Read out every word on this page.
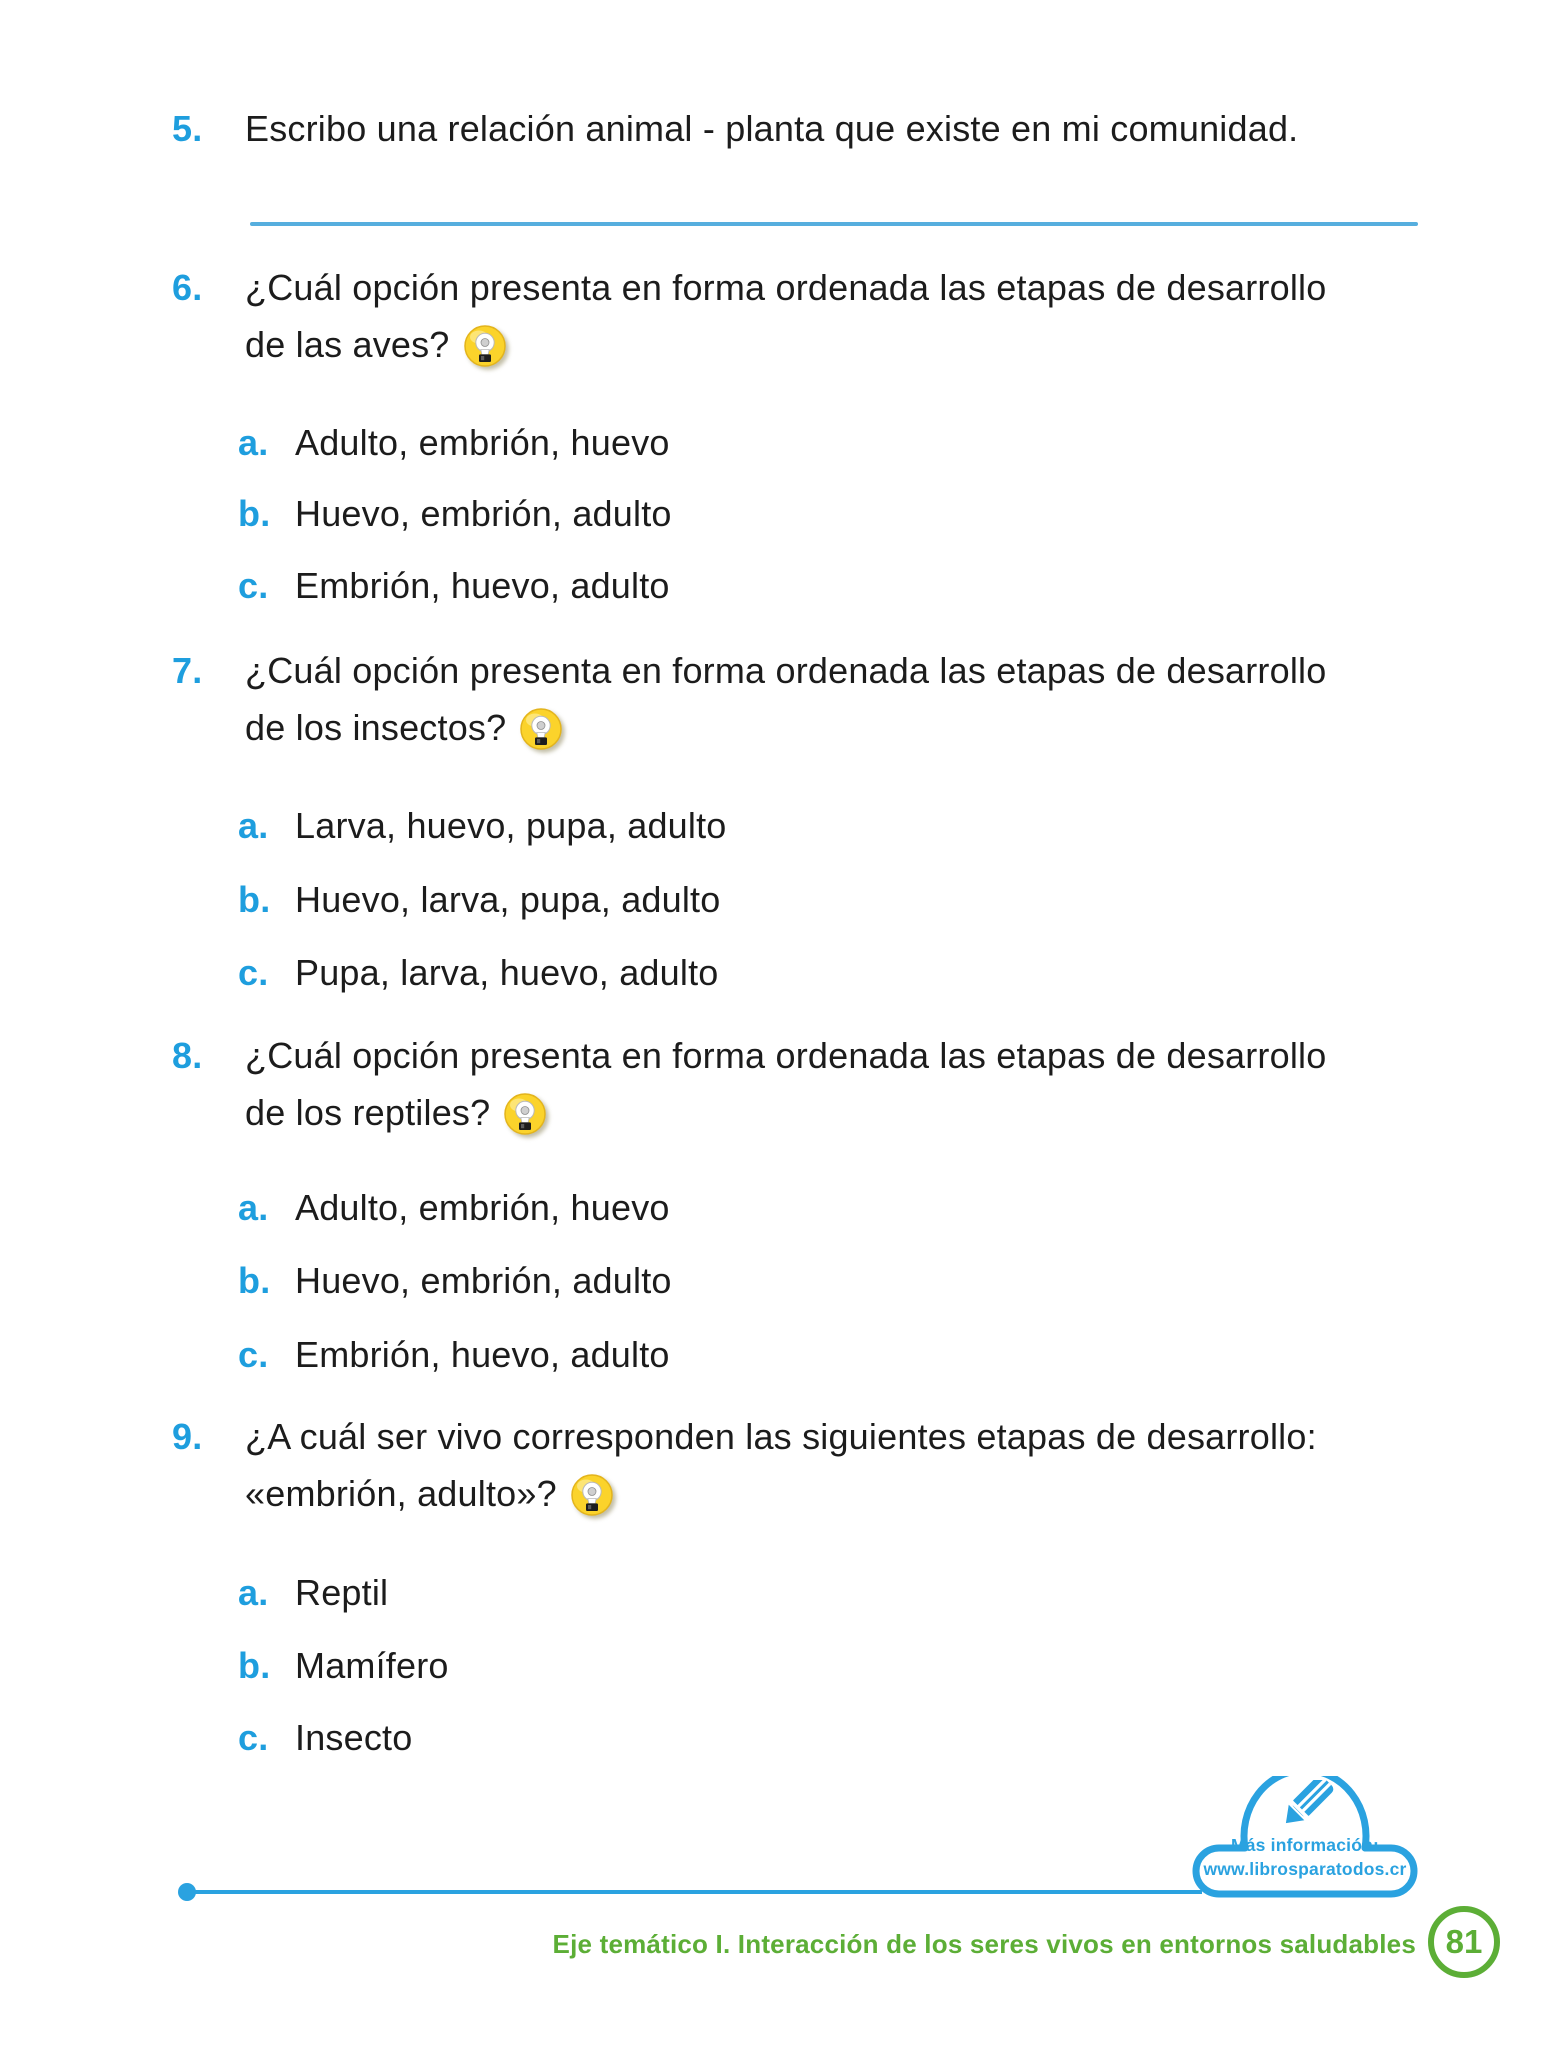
5. Escribo una relación animal - planta que existe en mi comunidad.
6. ¿Cuál opción presenta en forma ordenada las etapas de desarrollo
de las aves?
a. Adulto, embrión, huevo
b. Huevo, embrión, adulto
c. Embrión, huevo, adulto
7. ¿Cuál opción presenta en forma ordenada las etapas de desarrollo
de los insectos?
a. Larva, huevo, pupa, adulto
b. Huevo, larva, pupa, adulto
c. Pupa, larva, huevo, adulto
8. ¿Cuál opción presenta en forma ordenada las etapas de desarrollo
de los reptiles?
a. Adulto, embrión, huevo
b. Huevo, embrión, adulto
c. Embrión, huevo, adulto
9. ¿A cuál ser vivo corresponden las siguientes etapas de desarrollo:
«embrión, adulto»?
a. Reptil
b. Mamífero
c. Insecto
Más información:
www.librosparatodos.cr
Eje temático I. Interacción de los seres vivos en entornos saludables 81
